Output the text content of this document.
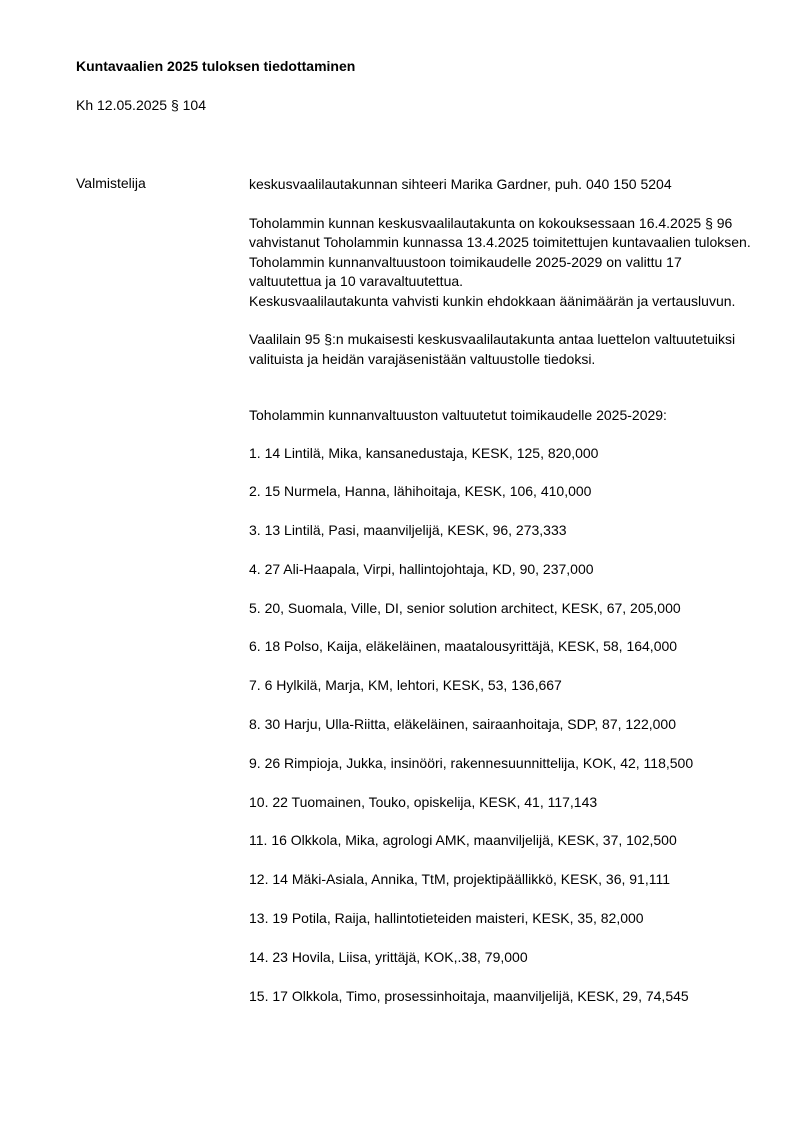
Kuntavaalien 2025 tuloksen tiedottaminen
Kh 12.05.2025 § 104
Valmistelija	keskusvaalilautakunnan sihteeri Marika Gardner, puh. 040 150 5204

Toholammin kunnan keskusvaalilautakunta on kokouksessaan 16.4.2025 § 96 vahvistanut Toholammin kunnassa 13.4.2025 toimitettujen kuntavaalien tuloksen. Toholammin kunnanvaltuustoon toimikaudelle 2025-2029 on valittu 17 valtuutettua ja 10 varavaltuutettua.

Keskusvaalilautakunta vahvisti kunkin ehdokkaan äänimäärän ja vertausluvun.

Vaalilain 95 §:n mukaisesti keskusvaalilautakunta antaa luettelon valtuutetuiksi valituista ja heidän varajäsenistään valtuustolle tiedoksi.

Toholammin kunnanvaltuuston valtuutetut toimikaudelle 2025-2029:

1. 14 Lintilä, Mika, kansanedustaja, KESK, 125, 820,000
2. 15 Nurmela, Hanna, lähihoitaja, KESK, 106, 410,000
3. 13 Lintilä, Pasi, maanviljelijä, KESK, 96, 273,333
4. 27 Ali-Haapala, Virpi, hallintojohtaja, KD, 90, 237,000
5. 20, Suomala, Ville, DI, senior solution architect, KESK, 67, 205,000
6. 18 Polso, Kaija, eläkeläinen, maatalousyrittäjä, KESK, 58, 164,000
7. 6 Hylkilä, Marja, KM, lehtori, KESK, 53, 136,667
8. 30 Harju, Ulla-Riitta, eläkeläinen, sairaanhoitaja, SDP, 87, 122,000
9. 26 Rimpioja, Jukka, insinööri, rakennesuunnittelija, KOK, 42, 118,500
10. 22 Tuomainen, Touko, opiskelija, KESK, 41, 117,143
11. 16 Olkkola, Mika, agrologi AMK, maanviljelijä, KESK, 37, 102,500
12. 14 Mäki-Asiala, Annika, TtM, projektipäällikkö, KESK, 36, 91,111
13. 19 Potila, Raija, hallintotieteiden maisteri, KESK, 35, 82,000
14. 23 Hovila, Liisa, yrittäjä, KOK,.38, 79,000
15. 17 Olkkola, Timo, prosessinhoitaja, maanviljelijä, KESK, 29, 74,545
